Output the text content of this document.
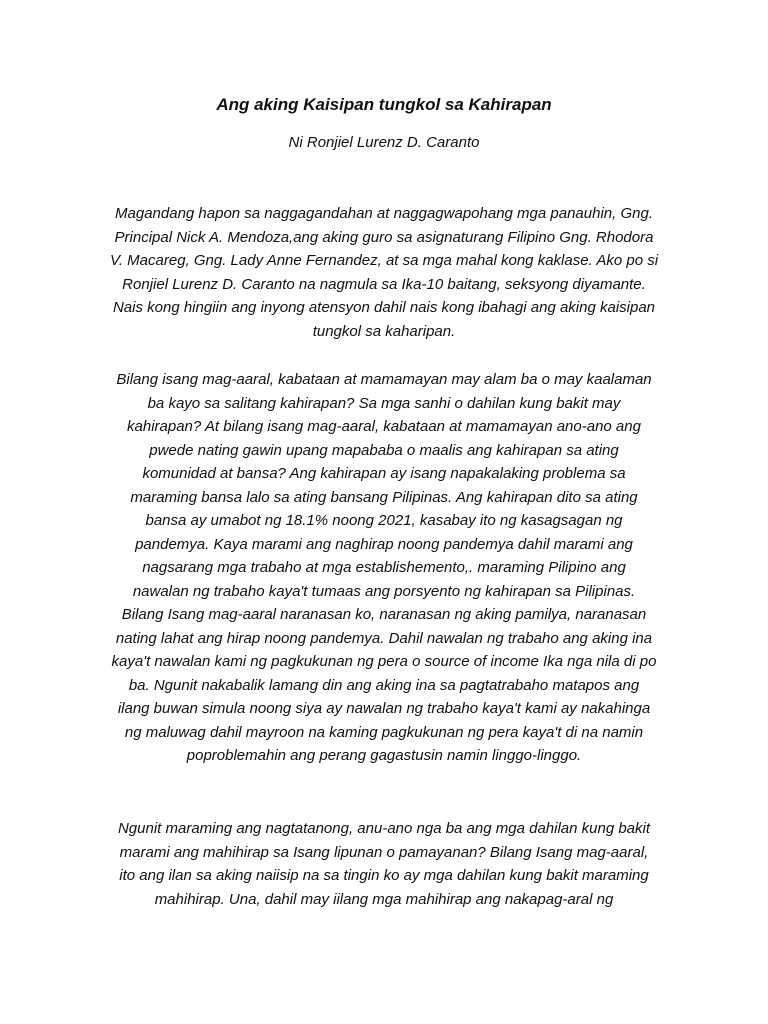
Ang aking Kaisipan tungkol sa Kahirapan
Ni Ronjiel Lurenz D. Caranto
Magandang hapon sa naggagandahan at naggagwapohang mga panauhin, Gng.
Principal Nick A. Mendoza,ang aking guro sa asignaturang Filipino Gng. Rhodora
V. Macareg, Gng. Lady Anne Fernandez, at sa mga mahal kong kaklase. Ako po si
Ronjiel Lurenz D. Caranto na nagmula sa Ika-10 baitang, seksyong diyamante.
Nais kong hingiin ang inyong atensyon dahil nais kong ibahagi ang aking kaisipan
tungkol sa kaharipan.
Bilang isang mag-aaral, kabataan at mamamayan may alam ba o may kaalaman
ba kayo sa salitang kahirapan? Sa mga sanhi o dahilan kung bakit may
kahirapan? At bilang isang mag-aaral, kabataan at mamamayan ano-ano ang
pwede nating gawin upang mapababa o maalis ang kahirapan sa ating
komunidad at bansa? Ang kahirapan ay isang napakalaking problema sa
maraming bansa lalo sa ating bansang Pilipinas. Ang kahirapan dito sa ating
bansa ay umabot ng 18.1% noong 2021, kasabay ito ng kasagsagan ng
pandemya. Kaya marami ang naghirap noong pandemya dahil marami ang
nagsarang mga trabaho at mga establishemento,. maraming Pilipino ang
nawalan ng trabaho kaya't tumaas ang porsyento ng kahirapan sa Pilipinas.
Bilang Isang mag-aaral naranasan ko, naranasan ng aking pamilya, naranasan
nating lahat ang hirap noong pandemya. Dahil nawalan ng trabaho ang aking ina
kaya't nawalan kami ng pagkukunan ng pera o source of income Ika nga nila di po
ba. Ngunit nakabalik lamang din ang aking ina sa pagtatrabaho matapos ang
ilang buwan simula noong siya ay nawalan ng trabaho kaya't kami ay nakahinga
ng maluwag dahil mayroon na kaming pagkukunan ng pera kaya't di na namin
poproblemahin ang perang gagastusin namin linggo-linggo.
Ngunit maraming ang nagtatanong, anu-ano nga ba ang mga dahilan kung bakit
marami ang mahihirap sa Isang lipunan o pamayanan? Bilang Isang mag-aaral,
ito ang ilan sa aking naiisip na sa tingin ko ay mga dahilan kung bakit maraming
mahihirap. Una, dahil may iilang mga mahihirap ang nakapag-aral ng
